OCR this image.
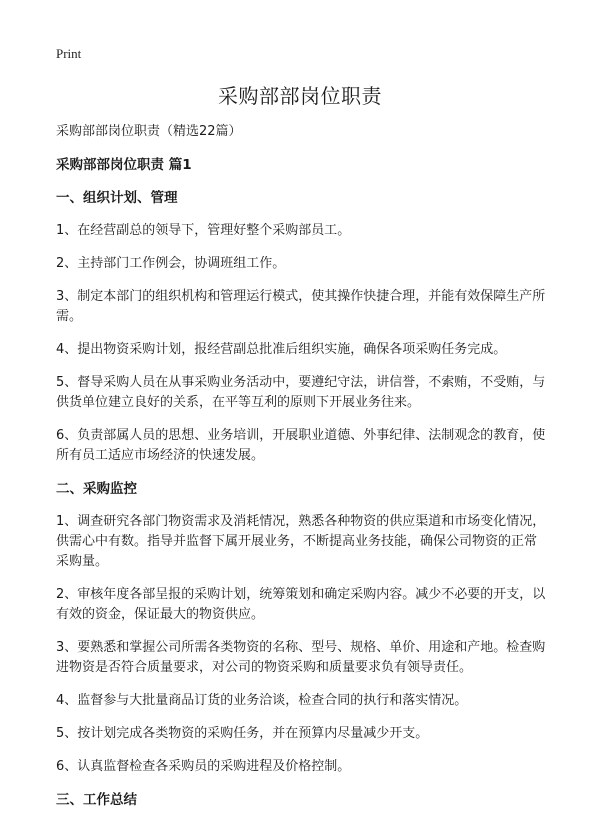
Print
采购部部岗位职责

采购部部岗位职责（精选22篇）

采购部部岗位职责 篇1

一、组织计划、管理

1、在经营副总的领导下，管理好整个采购部员工。

2、主持部门工作例会，协调班组工作。

3、制定本部门的组织机构和管理运行模式，使其操作快捷合理，并能有效保障生产所需。

4、提出物资采购计划，报经营副总批准后组织实施，确保各项采购任务完成。

5、督导采购人员在从事采购业务活动中，要遵纪守法，讲信誉，不索贿，不受贿，与供货单位建立良好的关系，在平等互利的原则下开展业务往来。

6、负责部属人员的思想、业务培训，开展职业道德、外事纪律、法制观念的教育，使所有员工适应市场经济的快速发展。

二、采购监控

1、调查研究各部门物资需求及消耗情况，熟悉各种物资的供应渠道和市场变化情况，供需心中有数。指导并监督下属开展业务，不断提高业务技能，确保公司物资的正常采购量。

2、审核年度各部呈报的采购计划，统筹策划和确定采购内容。减少不必要的开支，以有效的资金，保证最大的物资供应。

3、要熟悉和掌握公司所需各类物资的名称、型号、规格、单价、用途和产地。检查购进物资是否符合质量要求，对公司的物资采购和质量要求负有领导责任。

4、监督参与大批量商品订货的业务洽谈，检查合同的执行和落实情况。

5、按计划完成各类物资的采购任务，并在预算内尽量减少开支。

6、认真监督检查各采购员的采购进程及价格控制。

三、工作总结
